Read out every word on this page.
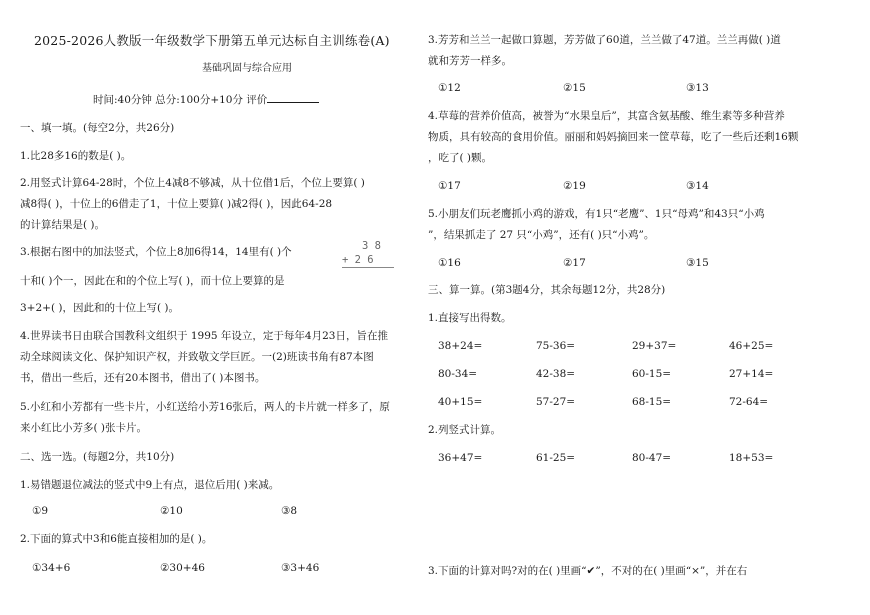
2025-2026人教版一年级数学下册第五单元达标自主训练卷(A)
基础巩固与综合应用
时间:40分钟 总分:100分+10分 评价
一、填一填。(每空2分，共26分)
1.比28多16的数是( )。
2.用竖式计算64-28时，个位上4减8不够减，从十位借1后，个位上要算( )
减8得( )，十位上的6借走了1，十位上要算( )减2得( )，因此64-28
的计算结果是( )。
3.根据右图中的加法竖式，个位上8加6得14，14里有( )个
十和( )个一，因此在和的个位上写( )，而十位上要算的是
3+2+( )，因此和的十位上写( )。
3 8
+ 2 6
4.世界读书日由联合国教科文组织于 1995 年设立，定于每年4月23日，旨在推
动全球阅读文化、保护知识产权，并致敬文学巨匠。一(2)班读书角有87本图
书，借出一些后，还有20本图书，借出了( )本图书。
5.小红和小芳都有一些卡片，小红送给小芳16张后，两人的卡片就一样多了，原
来小红比小芳多( )张卡片。
二、选一选。(每题2分，共10分)
1.易错题退位减法的竖式中9上有点，退位后用( )来减。
①9	②10	③8
2.下面的算式中3和6能直接相加的是( )。
①34+6	②30+46	③3+46
3.芳芳和兰兰一起做口算题，芳芳做了60道，兰兰做了47道。兰兰再做( )道
就和芳芳一样多。
①12	②15	③13
4.草莓的营养价值高，被誉为“水果皇后”，其富含氨基酸、维生素等多种营养
物质，具有较高的食用价值。丽丽和妈妈摘回来一筐草莓，吃了一些后还剩16颗
，吃了( )颗。
①17	②19	③14
5.小朋友们玩老鹰抓小鸡的游戏，有1只“老鹰”、1只“母鸡”和43只“小鸡
”，结果抓走了 27 只“小鸡”，还有( )只“小鸡”。
①16	②17	③15
三、算一算。(第3题4分，其余每题12分，共28分)
1.直接写出得数。
38+24=	75-36=	29+37=	46+25=
80-34=	42-38=	60-15=	27+14=
40+15=	57-27=	68-15=	72-64=
2.列竖式计算。
36+47=	61-25=	80-47=	18+53=
3.下面的计算对吗?对的在( )里画“✔”，不对的在( )里画“×”，并在右
